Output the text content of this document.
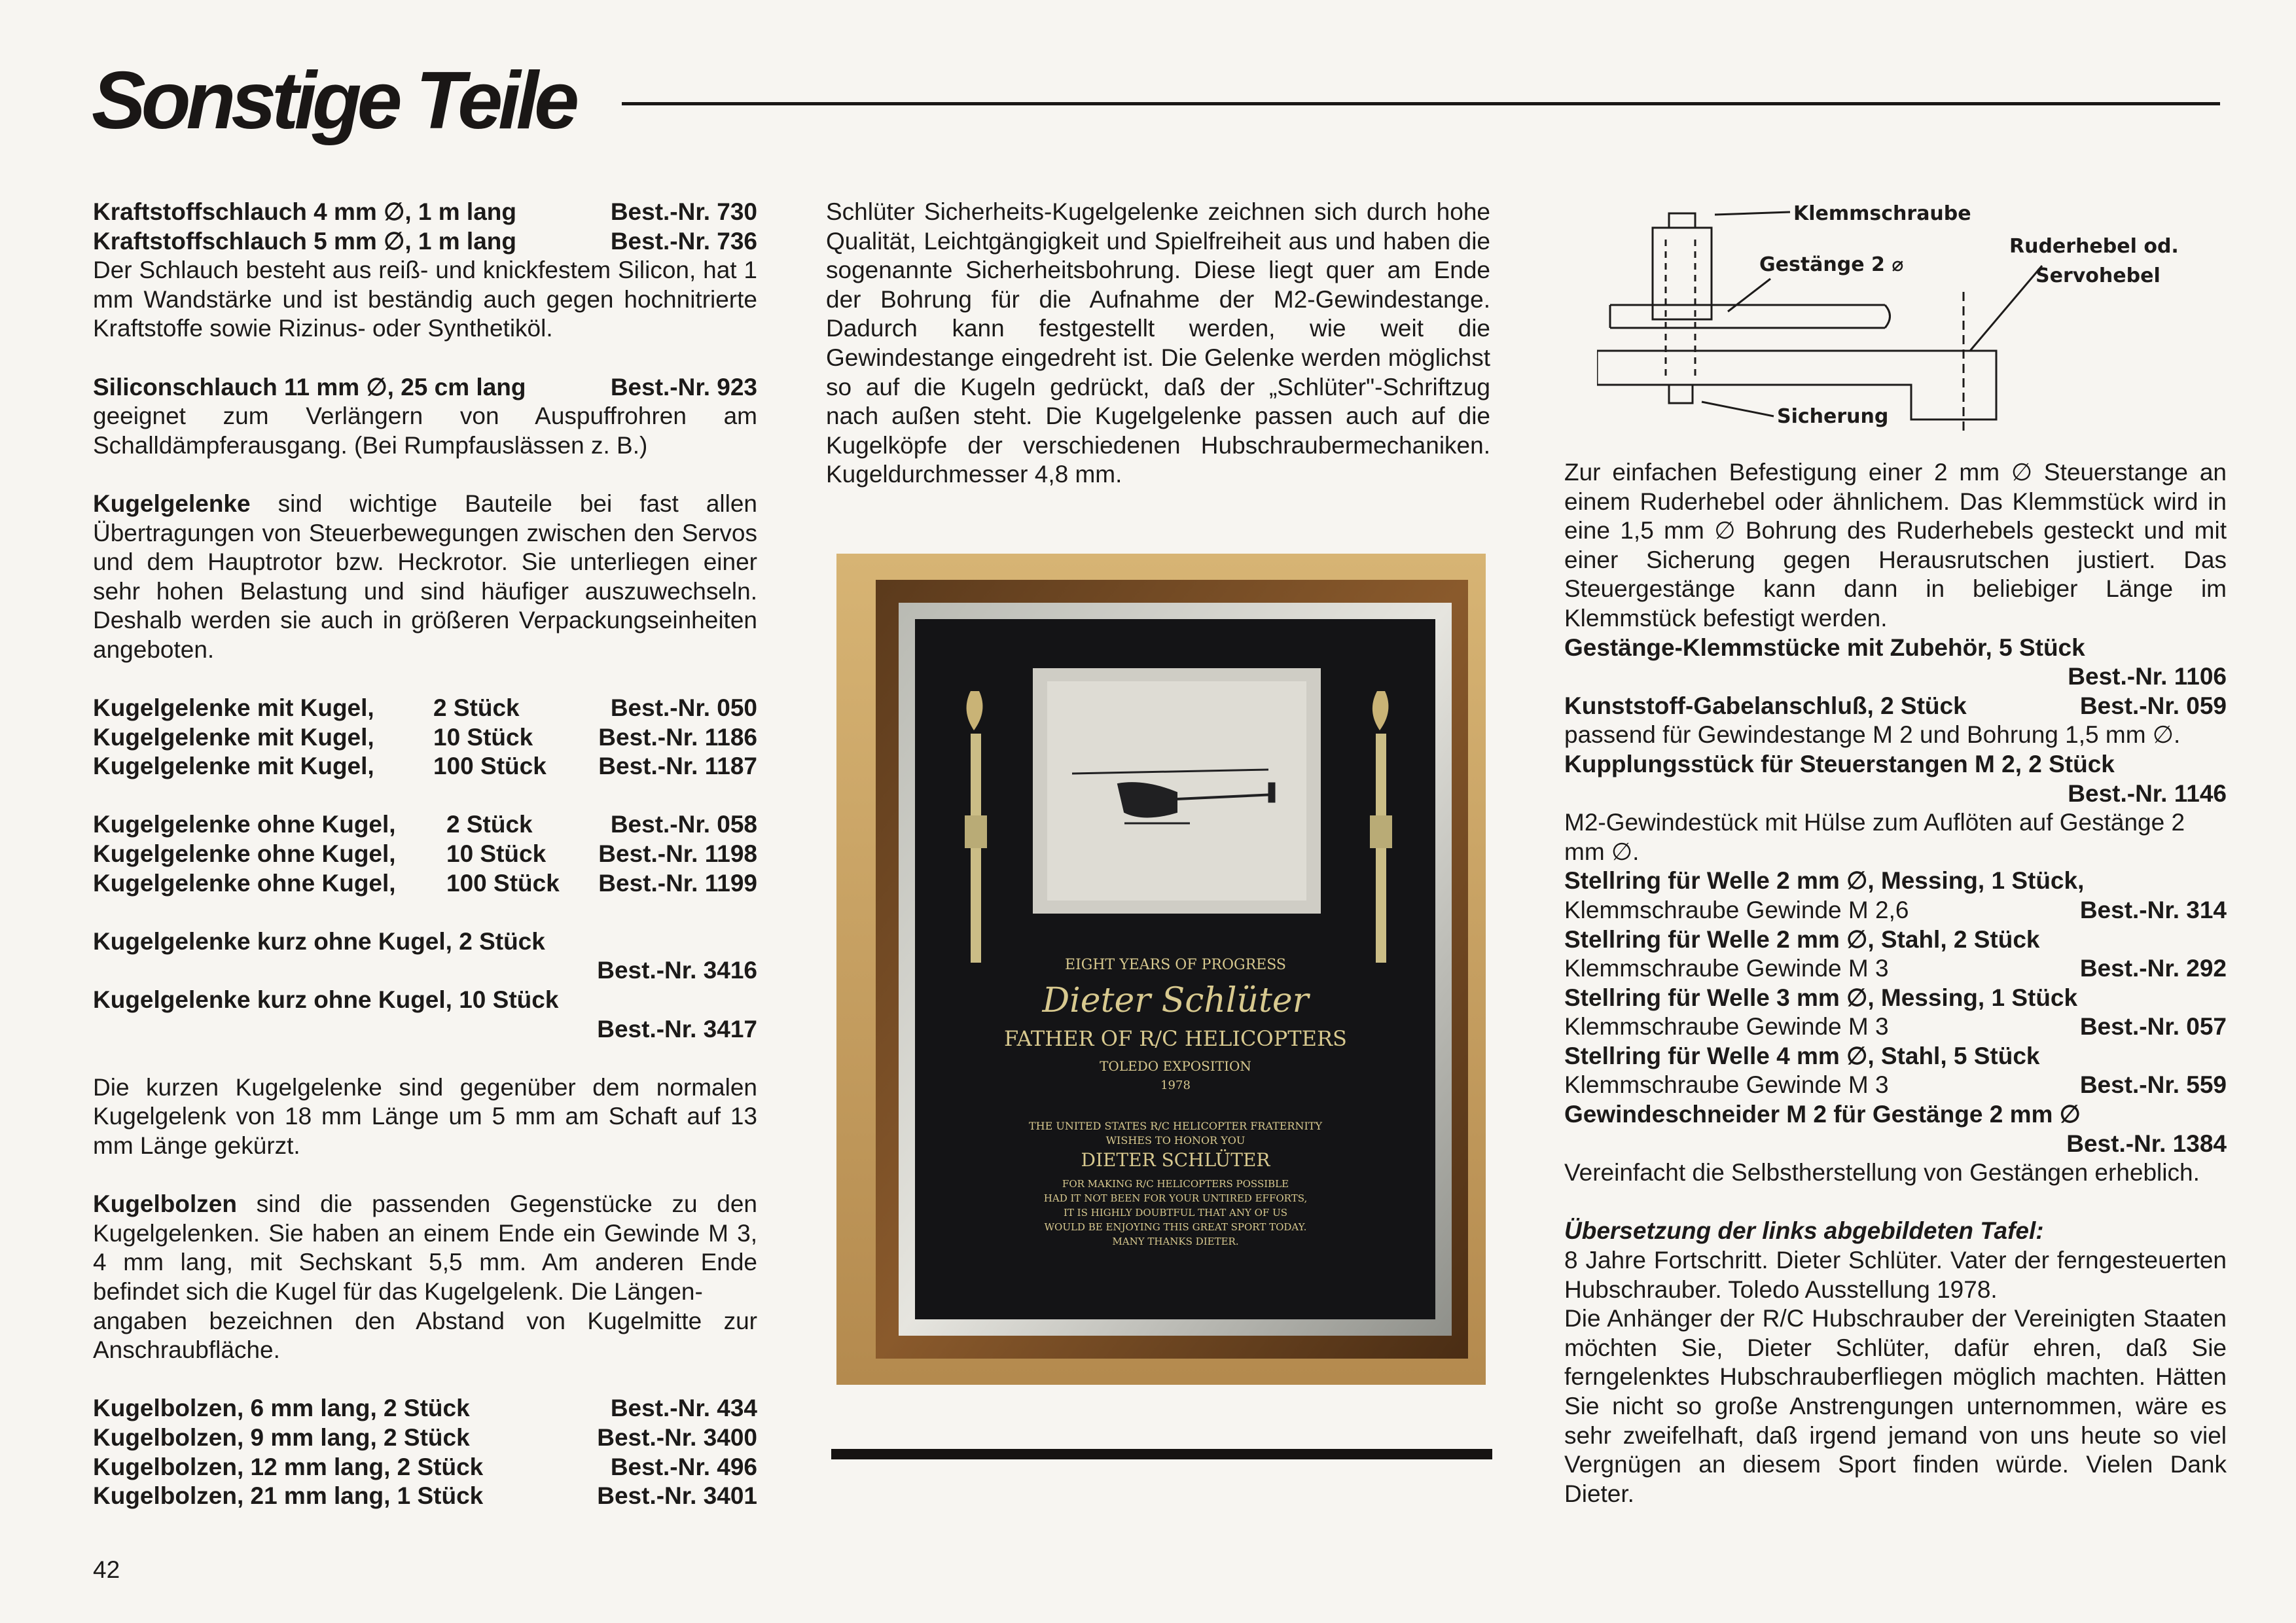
Sonstige Teile
Kraftstoffschlauch 4 mm ∅, 1 m lang	Best.-Nr. 730
Kraftstoffschlauch 5 mm ∅, 1 m lang	Best.-Nr. 736

Der Schlauch besteht aus reiß- und knickfestem Silicon, hat 1 mm Wandstärke und ist beständig auch gegen hochnitrierte Kraftstoffe sowie Rizinus- oder Synthetiköl.

Siliconschlauch 11 mm ∅, 25 cm lang	Best.-Nr. 923

geeignet zum Verlängern von Auspuffrohren am Schalldämpferausgang. (Bei Rumpfauslässen z. B.)

Kugelgelenke sind wichtige Bauteile bei fast allen Übertragungen von Steuerbewegungen zwischen den Servos und dem Hauptrotor bzw. Heckrotor. Sie unterliegen einer sehr hohen Belastung und sind häufiger auszuwechseln. Deshalb werden sie auch in größeren Verpackungseinheiten angeboten.

Kugelgelenke mit Kugel,	2 Stück	Best.-Nr. 050
Kugelgelenke mit Kugel,	10 Stück	Best.-Nr. 1186
Kugelgelenke mit Kugel,	100 Stück	Best.-Nr. 1187
Kugelgelenke ohne Kugel,	2 Stück	Best.-Nr. 058
Kugelgelenke ohne Kugel,	10 Stück	Best.-Nr. 1198
Kugelgelenke ohne Kugel,	100 Stück	Best.-Nr. 1199

Kugelgelenke kurz ohne Kugel, 2 Stück

Best.-Nr. 3416

Kugelgelenke kurz ohne Kugel, 10 Stück

Best.-Nr. 3417

Die kurzen Kugelgelenke sind gegenüber dem normalen Kugelgelenk von 18 mm Länge um 5 mm am Schaft auf 13 mm Länge gekürzt.

Kugelbolzen sind die passenden Gegenstücke zu den Kugelgelenken. Sie haben an einem Ende ein Gewinde M 3, 4 mm lang, mit Sechskant 5,5 mm. Am anderen Ende befindet sich die Kugel für das Kugelgelenk. Die Längen-

angaben bezeichnen den Abstand von Kugelmitte zur Anschraubfläche.

Kugelbolzen, 6 mm lang, 2 Stück	Best.-Nr. 434
Kugelbolzen, 9 mm lang, 2 Stück	Best.-Nr. 3400
Kugelbolzen, 12 mm lang, 2 Stück	Best.-Nr. 496
Kugelbolzen, 21 mm lang, 1 Stück	Best.-Nr. 3401
42

Schlüter Sicherheits-Kugelgelenke zeichnen sich durch hohe Qualität, Leichtgängigkeit und Spielfreiheit aus und haben die sogenannte Sicherheitsbohrung. Diese liegt quer am Ende der Bohrung für die Aufnahme der M2-Gewindestange. Dadurch kann festgestellt werden, wie weit die Gewindestange eingedreht ist. Die Gelenke werden möglichst so auf die Kugeln gedrückt, daß der „Schlüter"-Schriftzug nach außen steht. Die Kugelgelenke passen auch auf die Kugelköpfe der verschiedenen Hubschraubermechaniken. Kugeldurchmesser 4,8 mm.

EIGHT YEARS OF PROGRESS
Dieter Schlüter
FATHER OF R/C HELICOPTERS
TOLEDO EXPOSITION
1978
THE UNITED STATES R/C HELICOPTER FRATERNITY
WISHES TO HONOR YOU
DIETER SCHLÜTER
FOR MAKING R/C HELICOPTERS POSSIBLE
HAD IT NOT BEEN FOR YOUR UNTIRED EFFORTS,
IT IS HIGHLY DOUBTFUL THAT ANY OF US
WOULD BE ENJOYING THIS GREAT SPORT TODAY.
MANY THANKS DIETER.
Klemmschraube
Gestänge 2 ⌀
Ruderhebel od.
Servohebel
Sicherung

Zur einfachen Befestigung einer 2 mm ∅ Steuerstange an einem Ruderhebel oder ähnlichem. Das Klemmstück wird in eine 1,5 mm ∅ Bohrung des Ruderhebels gesteckt und mit einer Sicherung gegen Herausrutschen justiert. Das Steuergestänge kann dann in beliebiger Länge im Klemmstück befestigt werden.

Gestänge-Klemmstücke mit Zubehör, 5 Stück

Best.-Nr. 1106

Kunststoff-Gabelanschluß, 2 Stück	Best.-Nr. 059

passend für Gewindestange M 2 und Bohrung 1,5 mm ∅.

Kupplungsstück für Steuerstangen M 2, 2 Stück

Best.-Nr. 1146

M2-Gewindestück mit Hülse zum Auflöten auf Gestänge 2 mm ∅.

Stellring für Welle 2 mm ∅, Messing, 1 Stück,

Klemmschraube Gewinde M 2,6	Best.-Nr. 314

Stellring für Welle 2 mm ∅, Stahl, 2 Stück

Klemmschraube Gewinde M 3	Best.-Nr. 292

Stellring für Welle 3 mm ∅, Messing, 1 Stück

Klemmschraube Gewinde M 3	Best.-Nr. 057

Stellring für Welle 4 mm ∅, Stahl, 5 Stück

Klemmschraube Gewinde M 3	Best.-Nr. 559

Gewindeschneider M 2 für Gestänge 2 mm ∅

Best.-Nr. 1384

Vereinfacht die Selbstherstellung von Gestängen erheblich.

Übersetzung der links abgebildeten Tafel:

8 Jahre Fortschritt. Dieter Schlüter. Vater der ferngesteuerten Hubschrauber. Toledo Ausstellung 1978.

Die Anhänger der R/C Hubschrauber der Vereinigten Staaten möchten Sie, Dieter Schlüter, dafür ehren, daß Sie ferngelenktes Hubschrauberfliegen möglich machten. Hätten Sie nicht so große Anstrengungen unternommen, wäre es sehr zweifelhaft, daß irgend jemand von uns heute so viel Vergnügen an diesem Sport finden würde. Vielen Dank Dieter.
